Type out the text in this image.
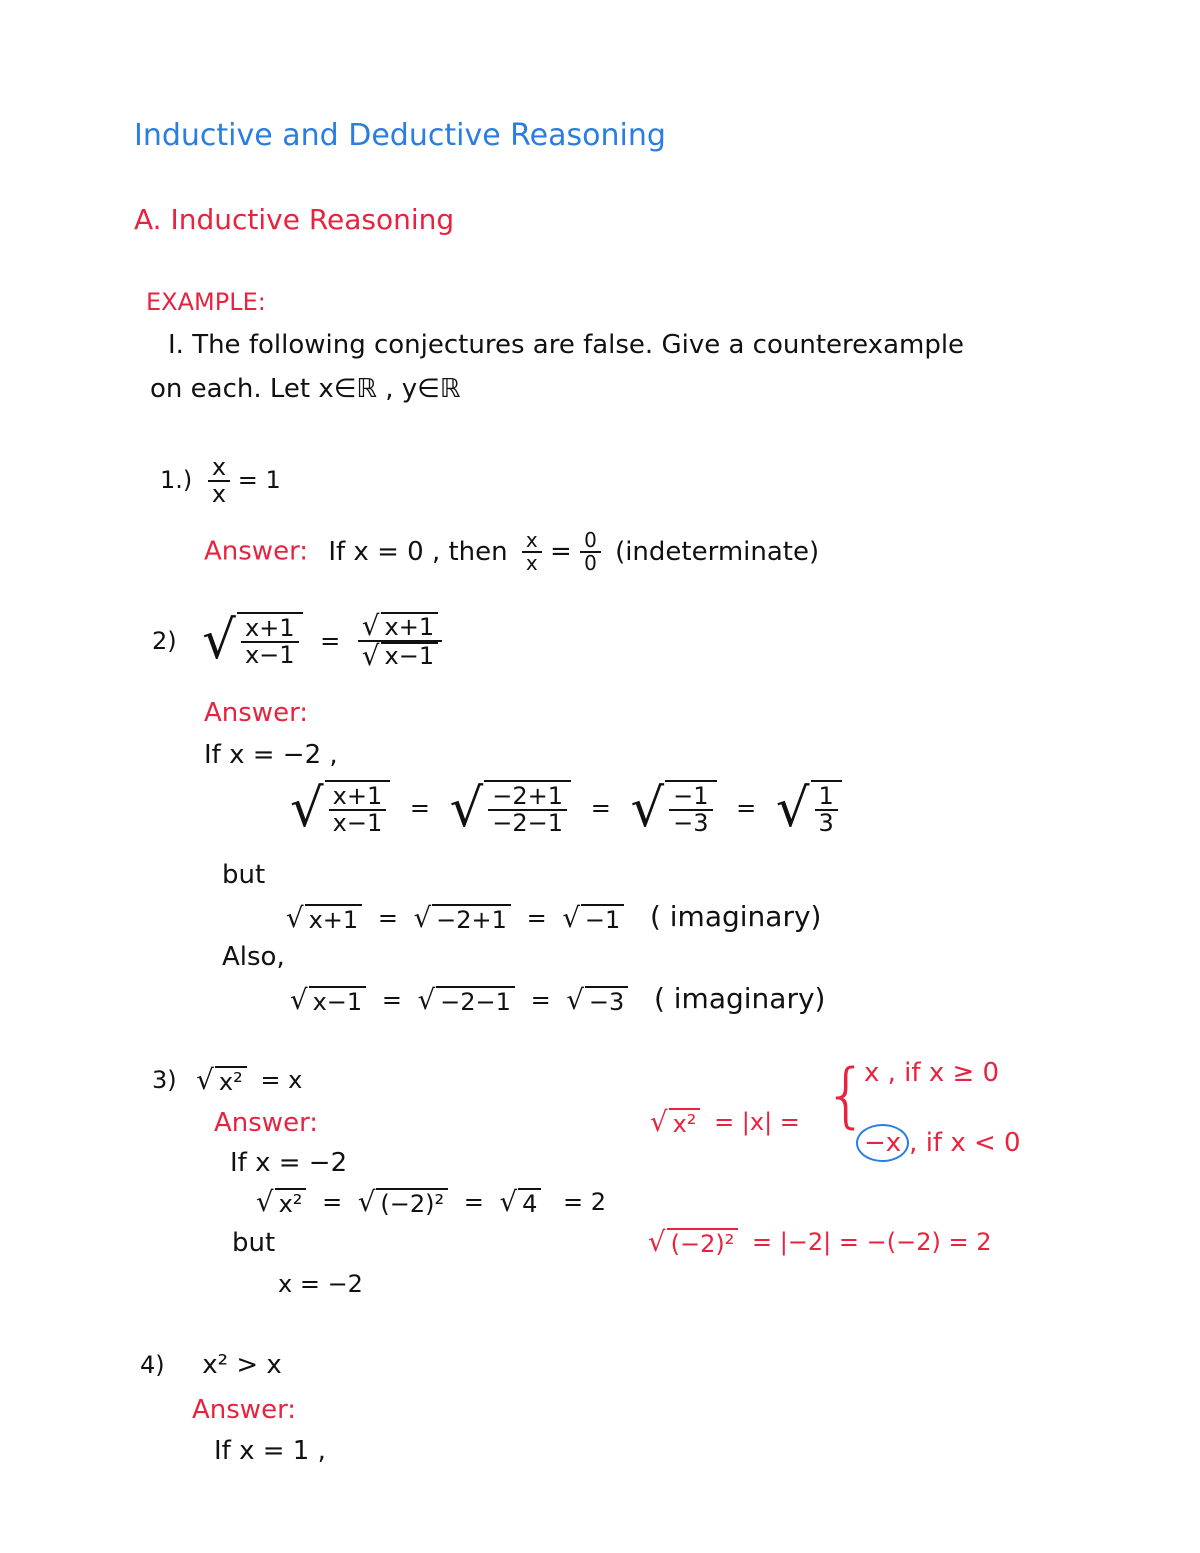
Inductive and Deductive Reasoning
A. Inductive Reasoning
EXAMPLE:
I. The following conjectures are false. Give a counterexample
on each. Let x∈ℝ , y∈ℝ
$1.) \frac{x}{x} = 1$
Answer: If x = 0 , then $\frac{x}{x} = \frac{0}{0}$ (indeterminate)
2) √ $\frac{x+1}{x-1} = \frac{√ x+1}{√ x-1}$
Answer:
If x = −2 ,
√ $\frac{x+1}{x-1}$ = √ $\frac{-2+1}{-2-1}$ = √ $\frac{-1}{-3}$ = √ $\frac{1}{3}$
but
√ x+1 = √ −2+1 = √ −1 ( imaginary)
Also,
√ x−1 = √ −2−1 = √ −3 ( imaginary)
3) √ x² = x
Answer:
If x = −2
√ x² = √ (−2)² = √ 4 = 2
but
x = −2
√ x² = |x| = {
x , if x ≥ 0
−x , if x < 0
√ (−2)² = |−2| = −(−2) = 2
4) x² > x
Answer:
If x = 1 ,
